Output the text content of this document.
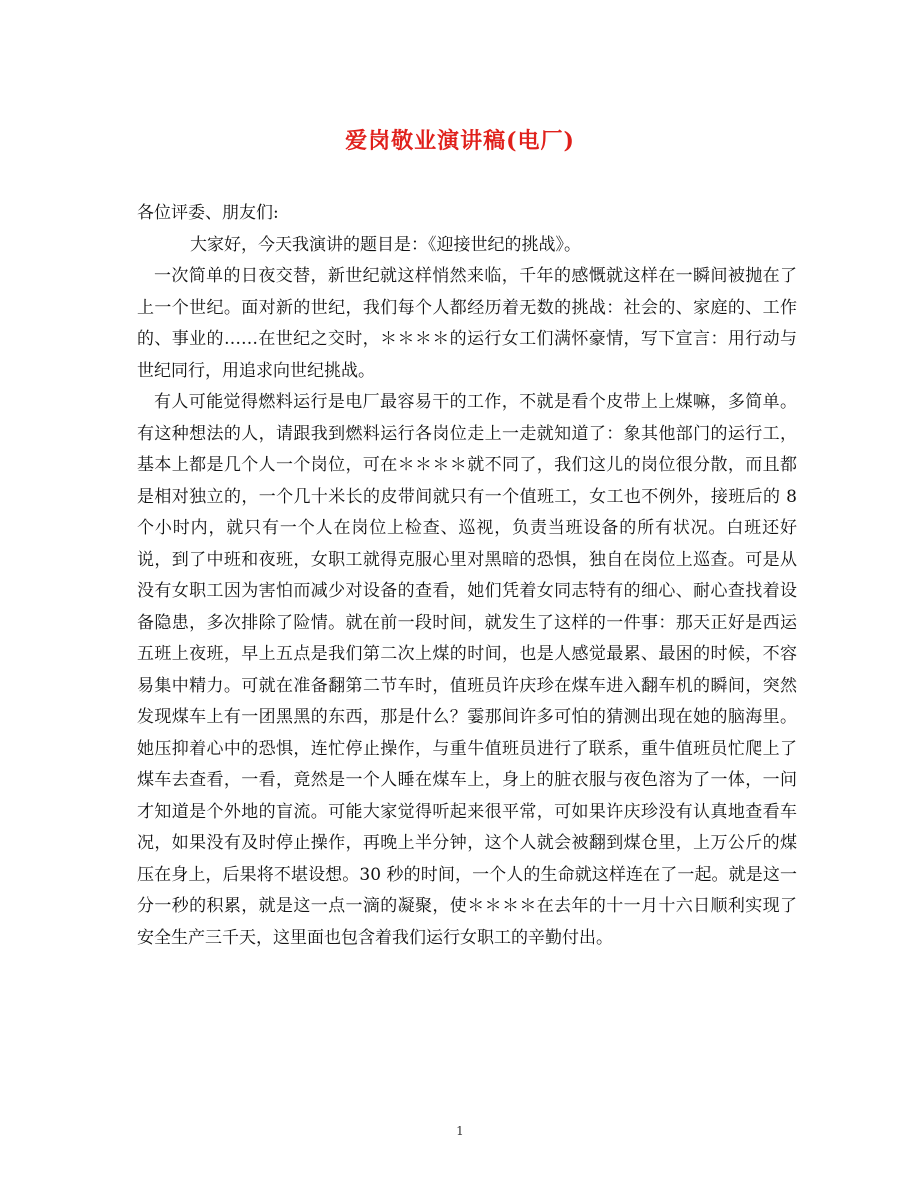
爱岗敬业演讲稿(电厂)

各位评委、朋友们:

大家好，今天我演讲的题目是：《迎接世纪的挑战》。

一次简单的日夜交替，新世纪就这样悄然来临，千年的感慨就这样在一瞬间被抛在了上一个世纪。面对新的世纪，我们每个人都经历着无数的挑战：社会的、家庭的、工作的、事业的……在世纪之交时，＊＊＊＊的运行女工们满怀豪情，写下宣言：用行动与世纪同行，用追求向世纪挑战。

有人可能觉得燃料运行是电厂最容易干的工作，不就是看个皮带上上煤嘛，多简单。有这种想法的人，请跟我到燃料运行各岗位走上一走就知道了：象其他部门的运行工，基本上都是几个人一个岗位，可在＊＊＊＊就不同了，我们这儿的岗位很分散，而且都是相对独立的，一个几十米长的皮带间就只有一个值班工，女工也不例外，接班后的 8 个小时内，就只有一个人在岗位上检查、巡视，负责当班设备的所有状况。白班还好说，到了中班和夜班，女职工就得克服心里对黑暗的恐惧，独自在岗位上巡查。可是从没有女职工因为害怕而减少对设备的查看，她们凭着女同志特有的细心、耐心查找着设备隐患，多次排除了险情。就在前一段时间，就发生了这样的一件事：那天正好是西运五班上夜班，早上五点是我们第二次上煤的时间，也是人感觉最累、最困的时候，不容易集中精力。可就在准备翻第二节车时，值班员许庆珍在煤车进入翻车机的瞬间，突然发现煤车上有一团黑黑的东西，那是什么？霎那间许多可怕的猜测出现在她的脑海里。她压抑着心中的恐惧，连忙停止操作，与重牛值班员进行了联系，重牛值班员忙爬上了煤车去查看，一看，竟然是一个人睡在煤车上，身上的脏衣服与夜色溶为了一体，一问才知道是个外地的盲流。可能大家觉得听起来很平常，可如果许庆珍没有认真地查看车况，如果没有及时停止操作，再晚上半分钟，这个人就会被翻到煤仓里，上万公斤的煤压在身上，后果将不堪设想。30 秒的时间，一个人的生命就这样连在了一起。就是这一分一秒的积累，就是这一点一滴的凝聚，使＊＊＊＊在去年的十一月十六日顺利实现了安全生产三千天，这里面也包含着我们运行女职工的辛勤付出。

1
